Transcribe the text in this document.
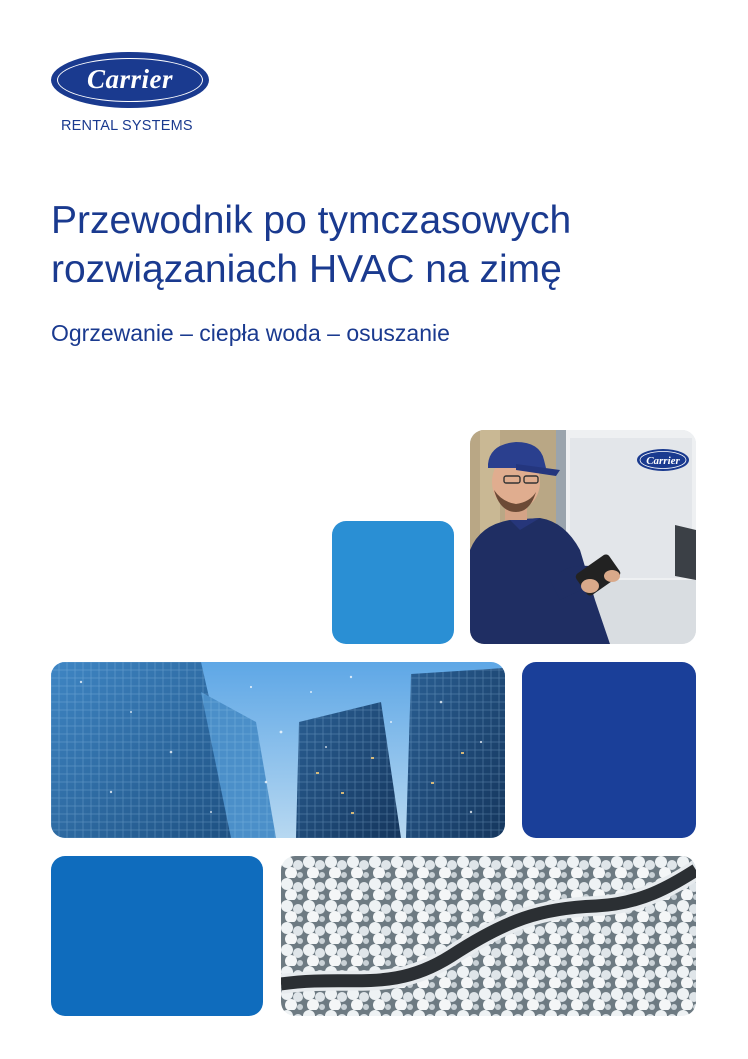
Carrier
RENTAL SYSTEMS
Przewodnik po tymczasowych
rozwiązaniach HVAC na zimę

Ogrzewanie – ciepła woda – osuszanie

Carrier
